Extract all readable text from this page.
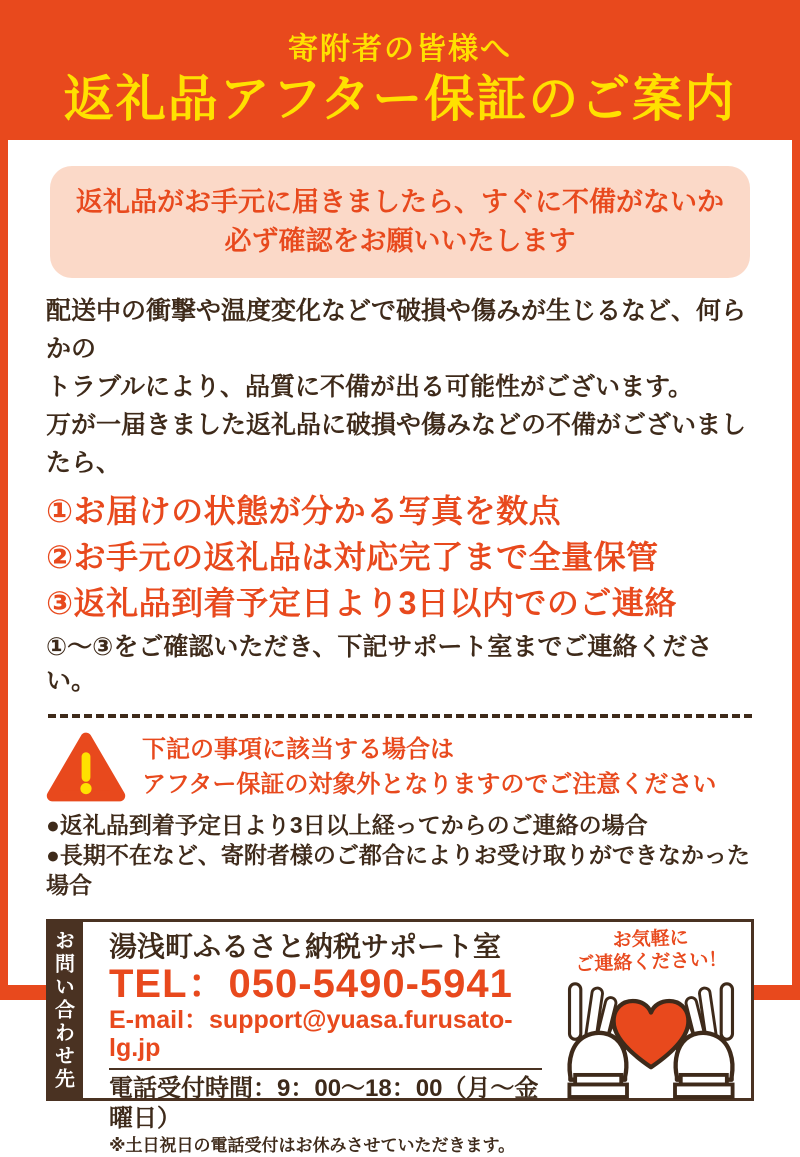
寄附者の皆様へ
返礼品アフター保証のご案内
返礼品がお手元に届きましたら、すぐに不備がないか
必ず確認をお願いいたします
配送中の衝撃や温度変化などで破損や傷みが生じるなど、何らかの
トラブルにより、品質に不備が出る可能性がございます。
万が一届きました返礼品に破損や傷みなどの不備がございましたら、
①お届けの状態が分かる写真を数点
②お手元の返礼品は対応完了まで全量保管
③返礼品到着予定日より3日以内でのご連絡
①～③をご確認いただき、下記サポート室までご連絡ください。
下記の事項に該当する場合は
アフター保証の対象外となりますのでご注意ください
●返礼品到着予定日より3日以上経ってからのご連絡の場合
●長期不在など、寄附者様のご都合によりお受け取りができなかった場合
お問い合わせ先 湯浅町ふるさと納税サポート室
TEL：050-5490-5941
E-mail：support@yuasa.furusato-lg.jp
電話受付時間：9：00～18：00（月～金曜日）
※土日祝日の電話受付はお休みさせていただきます。
お気軽に
ご連絡ください！
